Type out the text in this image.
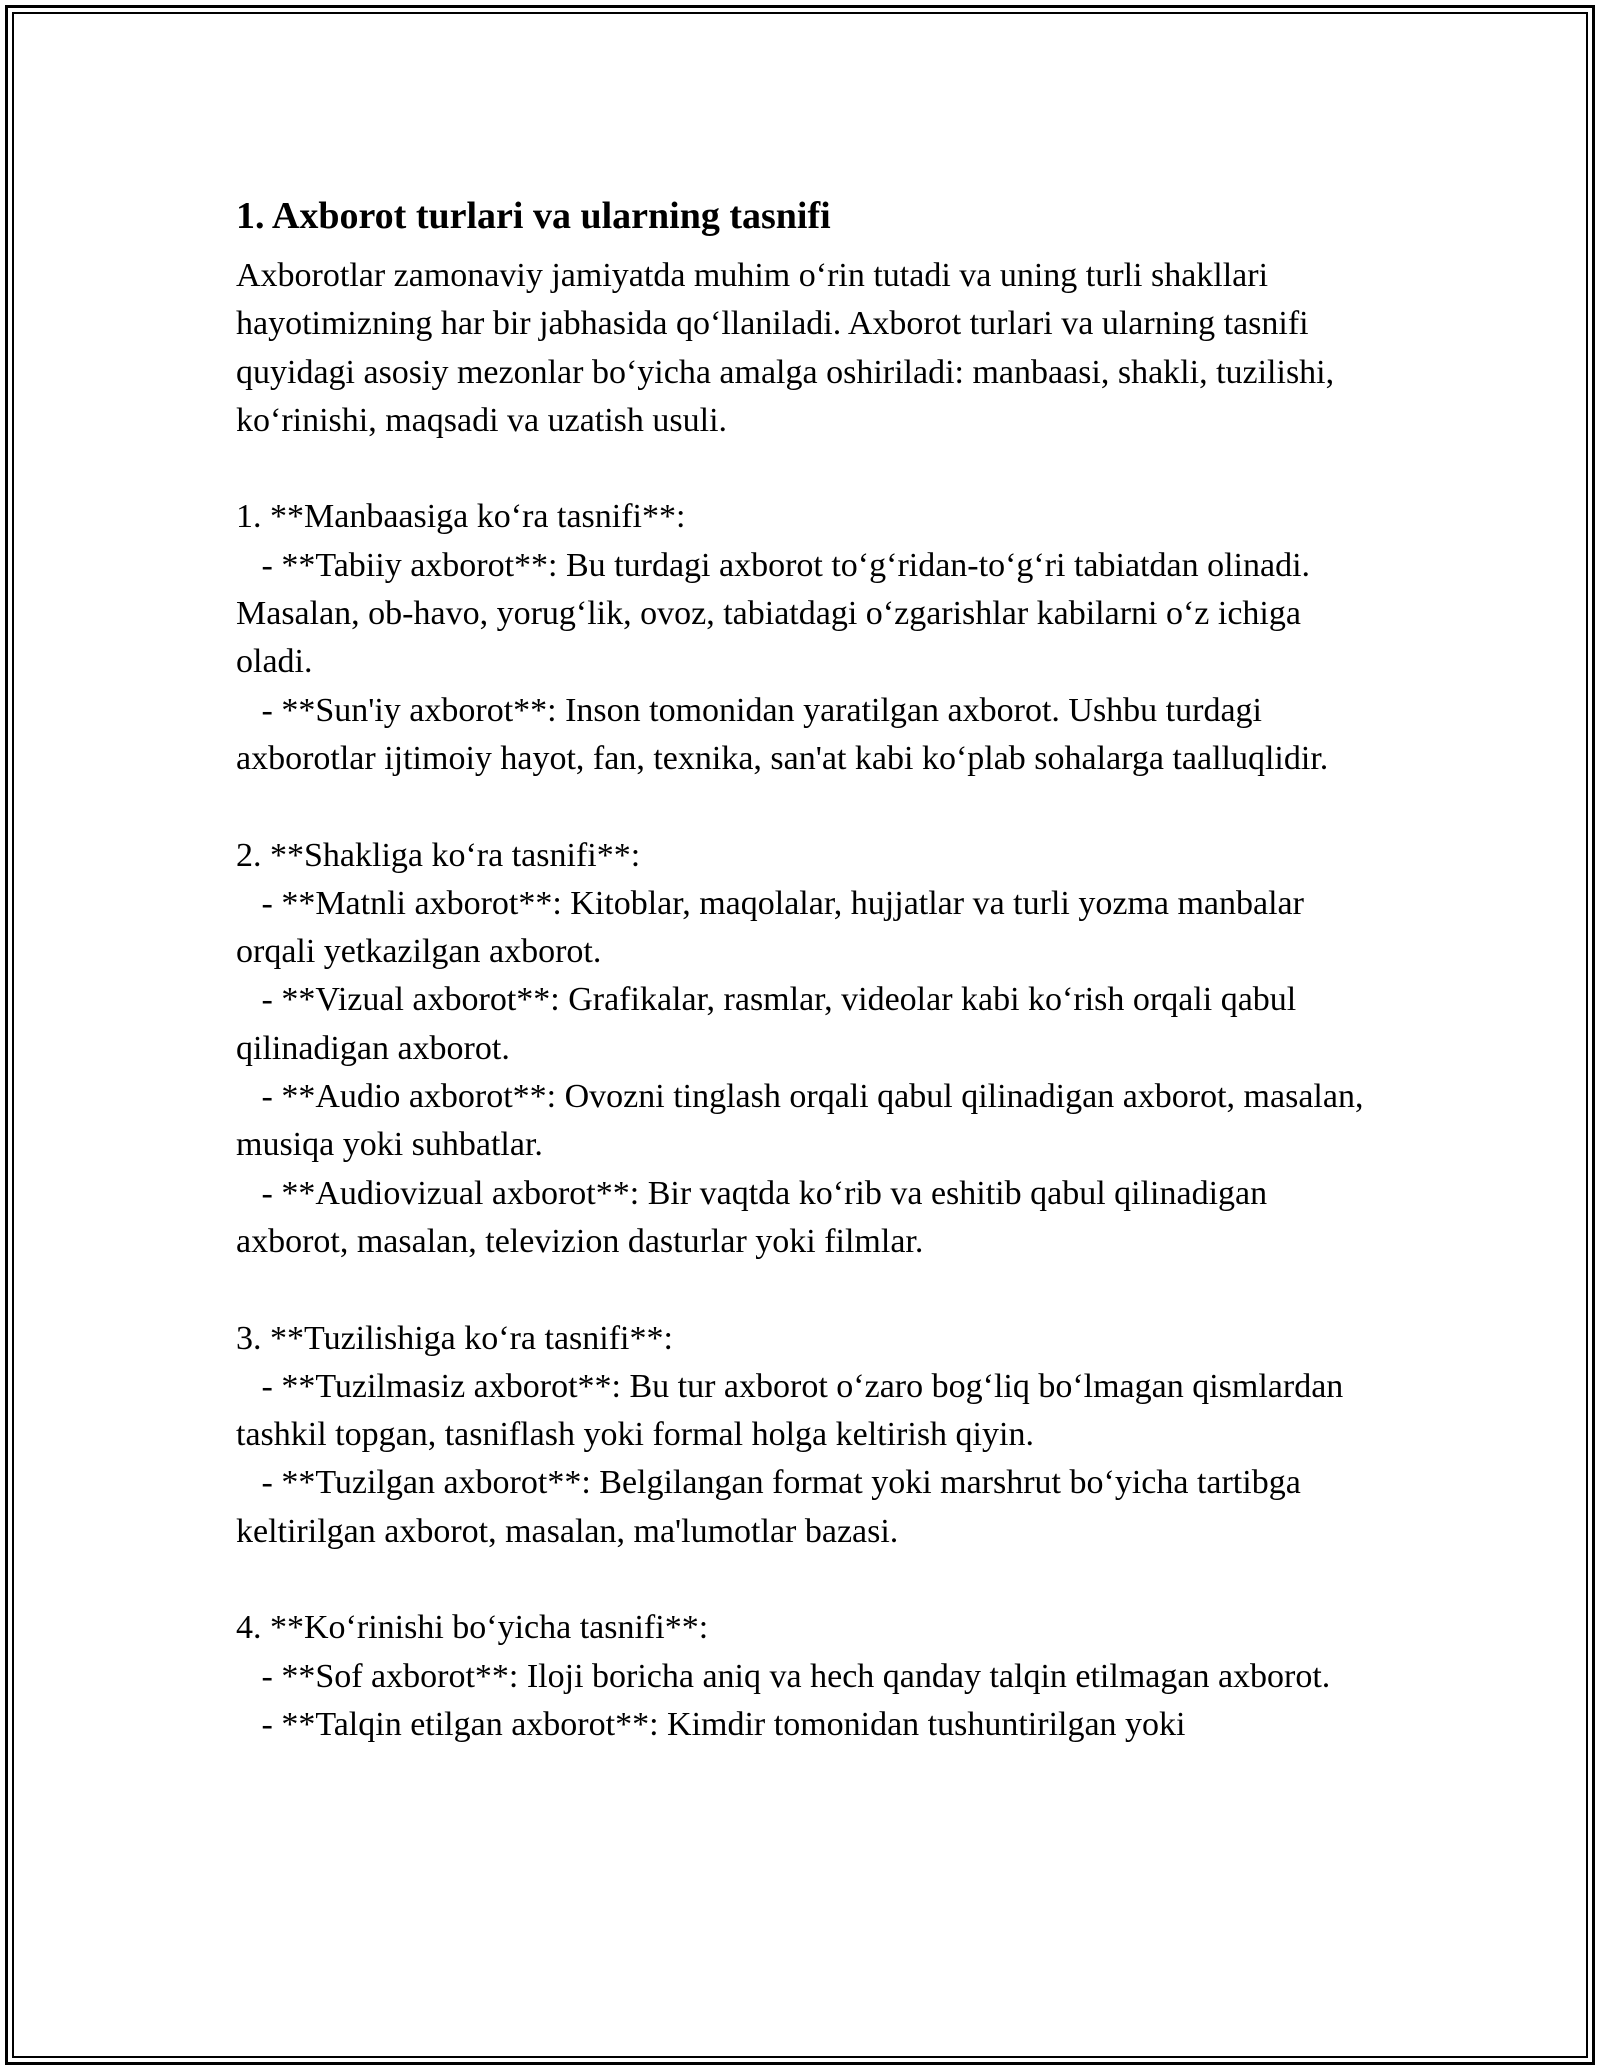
1. Axborot turlari va ularning tasnifi

Axborotlar zamonaviy jamiyatda muhim o‘rin tutadi va uning turli shakllari hayotimizning har bir jabhasida qo‘llaniladi. Axborot turlari va ularning tasnifi quyidagi asosiy mezonlar bo‘yicha amalga oshiriladi: manbaasi, shakli, tuzilishi, ko‘rinishi, maqsadi va uzatish usuli.

1. **Manbaasiga ko‘ra tasnifi**:

- **Tabiiy axborot**: Bu turdagi axborot to‘g‘ridan-to‘g‘ri tabiatdan olinadi. Masalan, ob-havo, yorug‘lik, ovoz, tabiatdagi o‘zgarishlar kabilarni o‘z ichiga oladi.

- **Sun'iy axborot**: Inson tomonidan yaratilgan axborot. Ushbu turdagi axborotlar ijtimoiy hayot, fan, texnika, san'at kabi ko‘plab sohalarga taalluqlidir.

2. **Shakliga ko‘ra tasnifi**:

- **Matnli axborot**: Kitoblar, maqolalar, hujjatlar va turli yozma manbalar orqali yetkazilgan axborot.

- **Vizual axborot**: Grafikalar, rasmlar, videolar kabi ko‘rish orqali qabul qilinadigan axborot.

- **Audio axborot**: Ovozni tinglash orqali qabul qilinadigan axborot, masalan, musiqa yoki suhbatlar.

- **Audiovizual axborot**: Bir vaqtda ko‘rib va eshitib qabul qilinadigan axborot, masalan, televizion dasturlar yoki filmlar.

3. **Tuzilishiga ko‘ra tasnifi**:

- **Tuzilmasiz axborot**: Bu tur axborot o‘zaro bog‘liq bo‘lmagan qismlardan tashkil topgan, tasniflash yoki formal holga keltirish qiyin.

- **Tuzilgan axborot**: Belgilangan format yoki marshrut bo‘yicha tartibga keltirilgan axborot, masalan, ma'lumotlar bazasi.

4. **Ko‘rinishi bo‘yicha tasnifi**:

- **Sof axborot**: Iloji boricha aniq va hech qanday talqin etilmagan axborot.

- **Talqin etilgan axborot**: Kimdir tomonidan tushuntirilgan yoki
